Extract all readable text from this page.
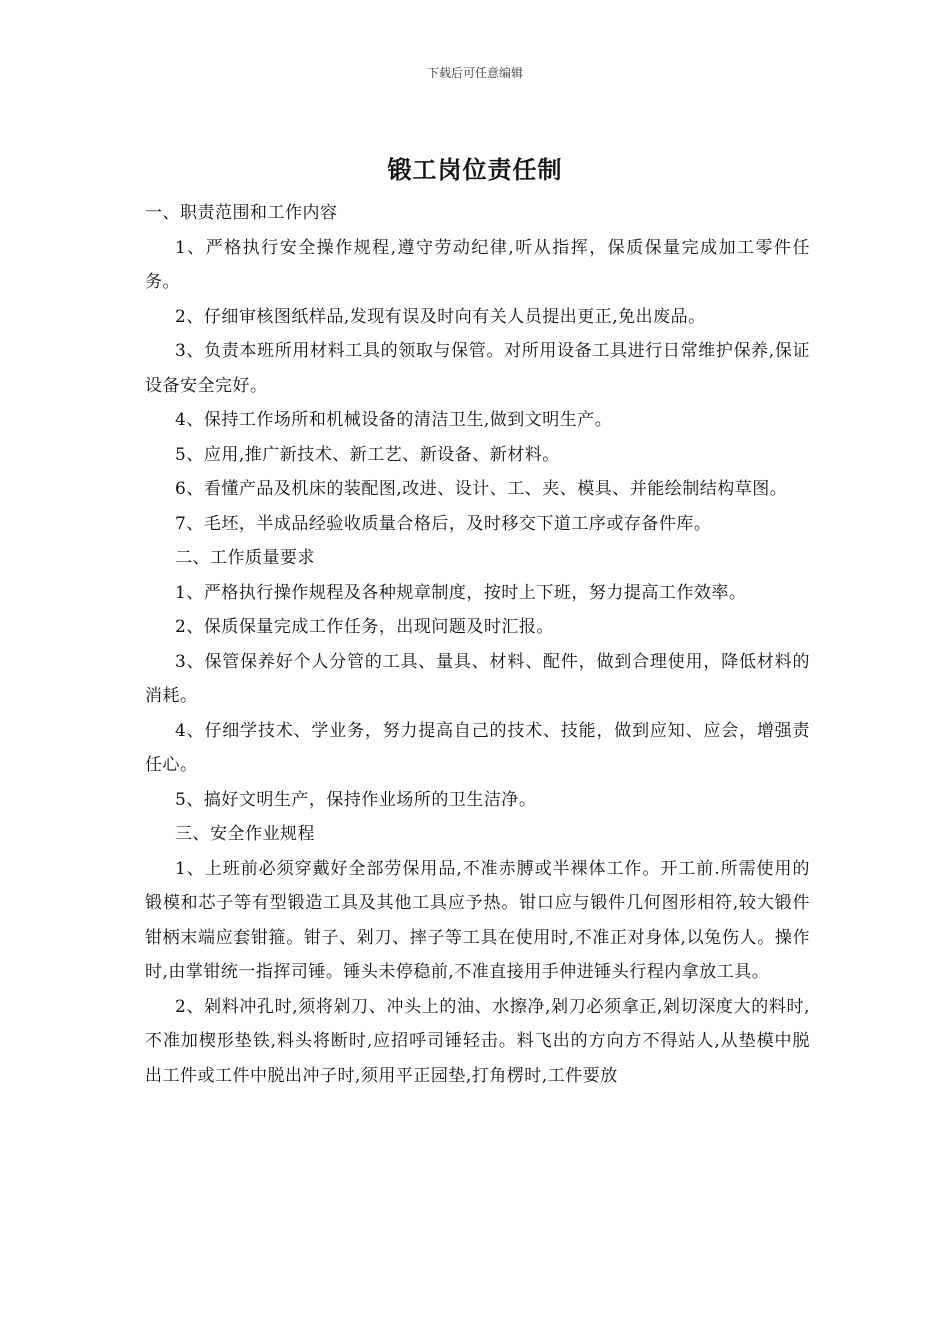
下载后可任意编辑
锻工岗位责任制

一、职责范围和工作内容

1、严格执行安全操作规程,遵守劳动纪律,听从指挥，保质保量完成加工零件任务。

2、仔细审核图纸样品,发现有误及时向有关人员提出更正,免出废品。

3、负责本班所用材料工具的领取与保管。对所用设备工具进行日常维护保养,保证设备安全完好。

4、保持工作场所和机械设备的清洁卫生,做到文明生产。

5、应用,推广新技术、新工艺、新设备、新材料。

6、看懂产品及机床的装配图,改进、设计、工、夹、模具、并能绘制结构草图。

7、毛坯，半成品经验收质量合格后，及时移交下道工序或存备件库。

二、工作质量要求

1、严格执行操作规程及各种规章制度，按时上下班，努力提高工作效率。

2、保质保量完成工作任务，出现问题及时汇报。

3、保管保养好个人分管的工具、量具、材料、配件，做到合理使用，降低材料的消耗。

4、仔细学技术、学业务，努力提高自己的技术、技能，做到应知、应会，增强责任心。

5、搞好文明生产，保持作业场所的卫生洁净。

三、安全作业规程

1、上班前必须穿戴好全部劳保用品,不准赤膊或半裸体工作。开工前.所需使用的锻模和芯子等有型锻造工具及其他工具应予热。钳口应与锻件几何图形相符,较大锻件钳柄末端应套钳箍。钳子、剁刀、摔子等工具在使用时,不准正对身体,以兔伤人。操作时,由掌钳统一指挥司锤。锤头未停稳前,不准直接用手伸进锤头行程内拿放工具。

2、剁料冲孔时,须将剁刀、冲头上的油、水擦净,剁刀必须拿正,剁切深度大的料时,不准加楔形垫铁,料头将断时,应招呼司锤轻击。料飞出的方向方不得站人,从垫模中脱出工件或工件中脱出冲子时,须用平正园垫,打角楞时,工件要放
